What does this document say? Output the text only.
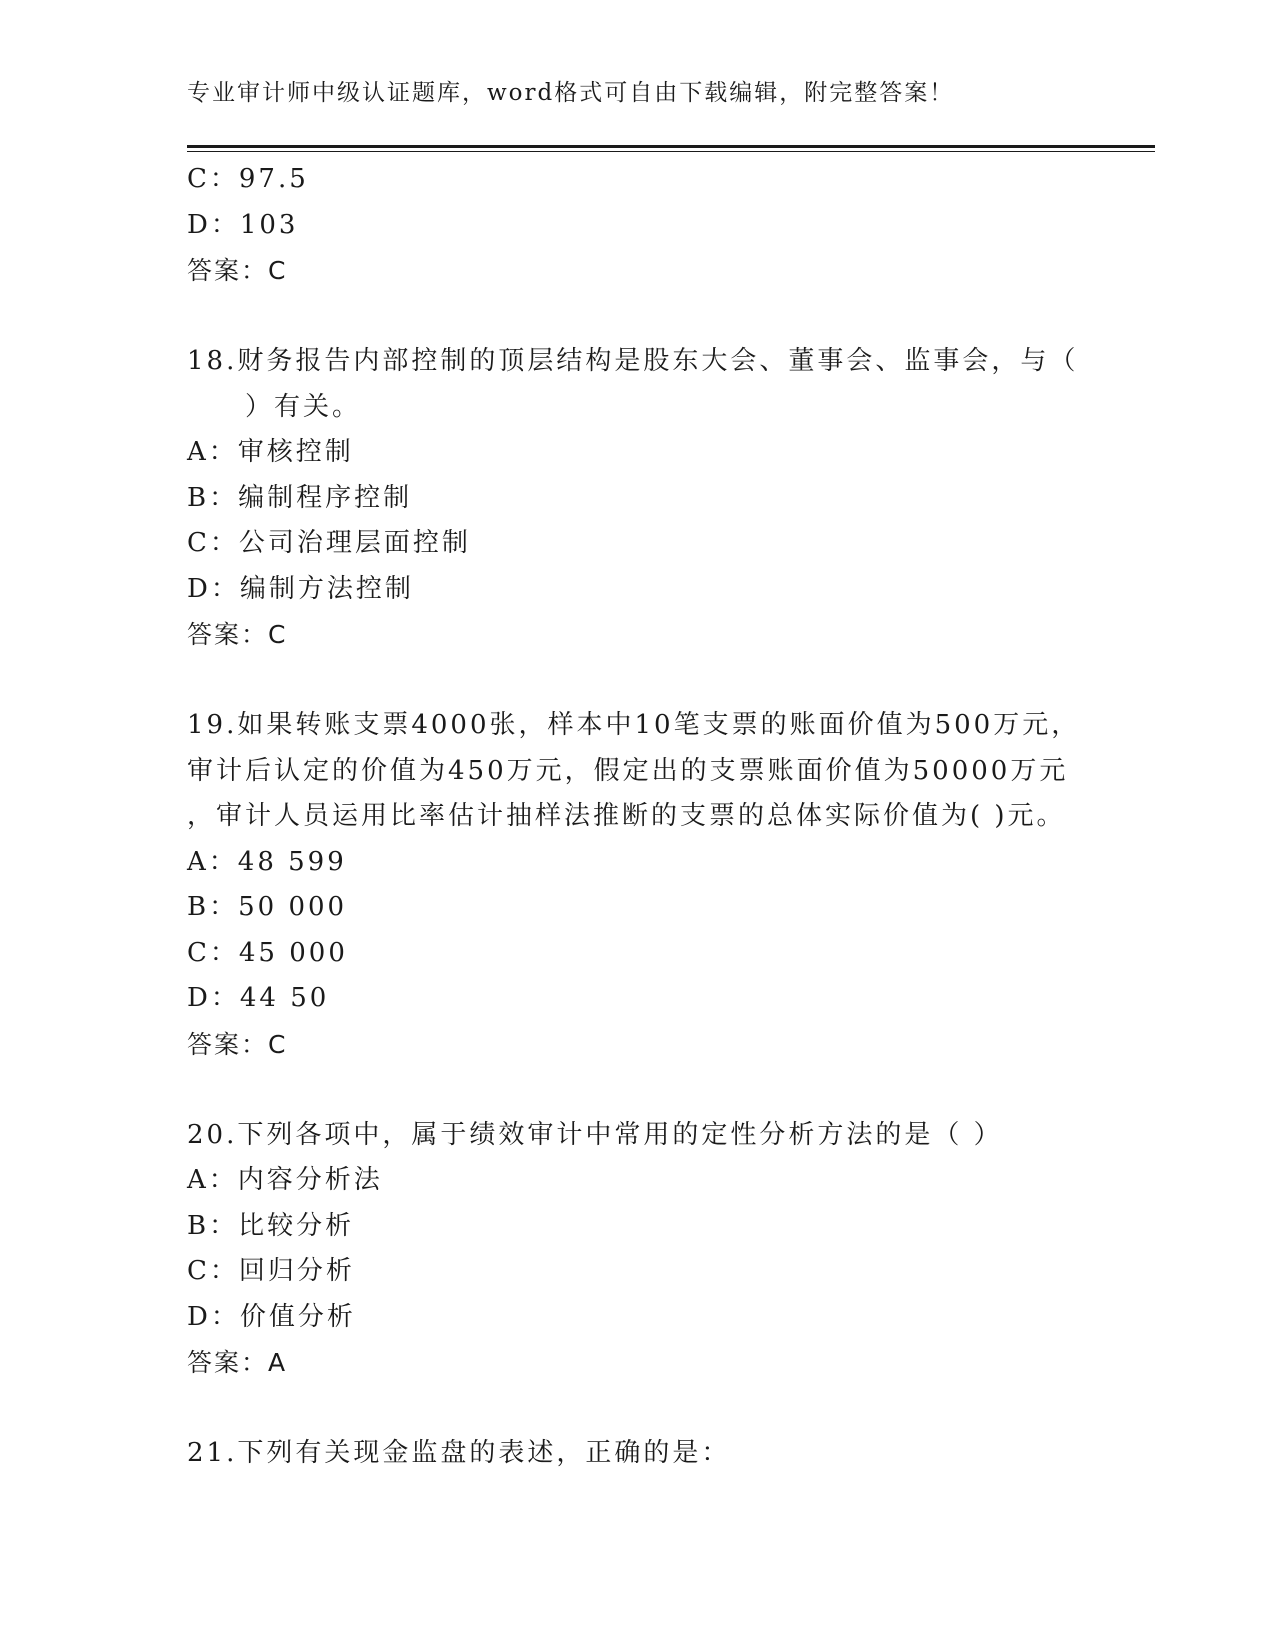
专业审计师中级认证题库，word格式可自由下载编辑，附完整答案！
C：97.5
D：103
答案：C
18.财务报告内部控制的顶层结构是股东大会、董事会、监事会，与（
）有关。
A：审核控制
B：编制程序控制
C：公司治理层面控制
D：编制方法控制
答案：C
19.如果转账支票4000张，样本中10笔支票的账面价值为500万元，
审计后认定的价值为450万元，假定出的支票账面价值为50000万元
，审计人员运用比率估计抽样法推断的支票的总体实际价值为( )元。
A：48 599
B：50 000
C：45 000
D：44 50
答案：C
20.下列各项中，属于绩效审计中常用的定性分析方法的是（ ）
A：内容分析法
B：比较分析
C：回归分析
D：价值分析
答案：A
21.下列有关现金监盘的表述，正确的是：
